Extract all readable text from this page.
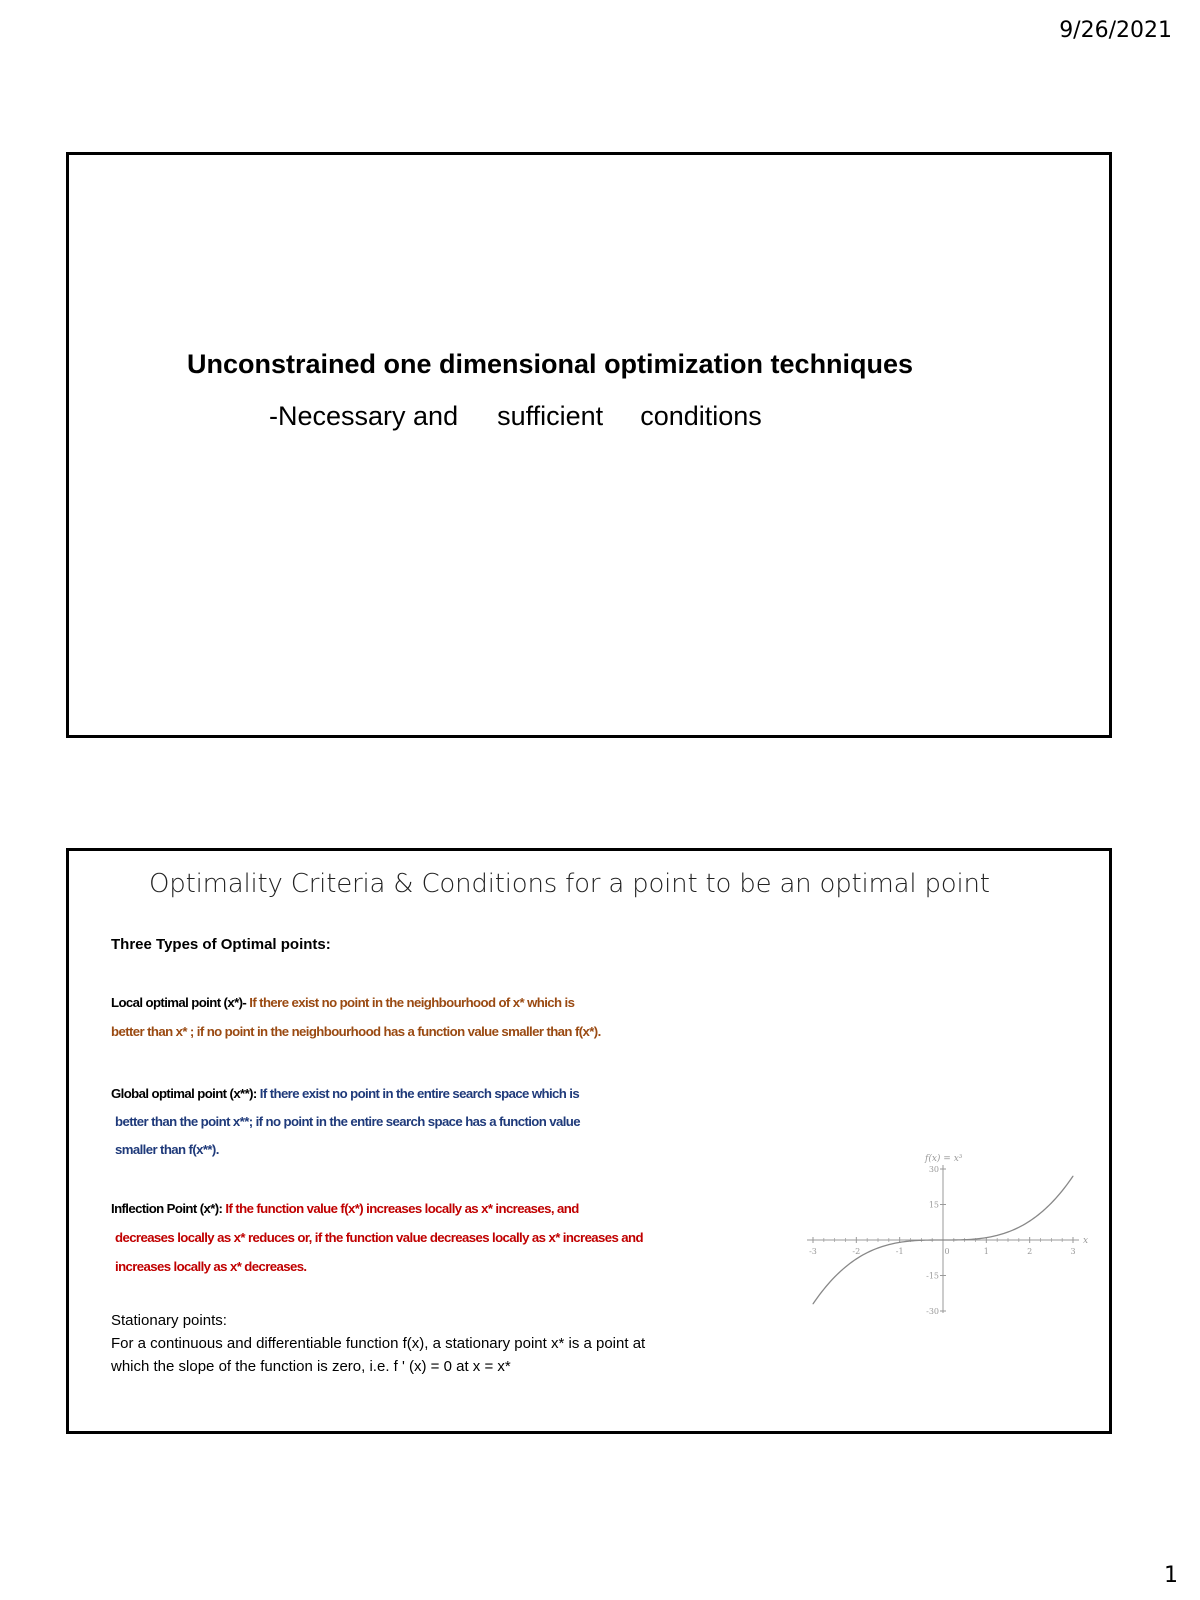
9/26/2021
Unconstrained one dimensional optimization techniques
-Necessary and sufficient conditions
Optimality Criteria & Conditions for a point to be an optimal point
Three Types of Optimal points:
Local optimal point (x*)- If there exist no point in the neighbourhood of x* which is
better than x* ; if no point in the neighbourhood has a function value smaller than f(x*).
Global optimal point (x**): If there exist no point in the entire search space which is
better than the point x**; if no point in the entire search space has a function value
smaller than f(x**).
Inflection Point (x*): If the function value f(x*) increases locally as x* increases, and
decreases locally as x* reduces or, if the function value decreases locally as x* increases and
increases locally as x* decreases.
Stationary points:
For a continuous and differentiable function f(x), a stationary point x* is a point at
which the slope of the function is zero, i.e. f ' (x) = 0 at x = x*
-3	-2	-1	0	1	2	3
30
15
-15
-30
f(x) = x³
x
1
